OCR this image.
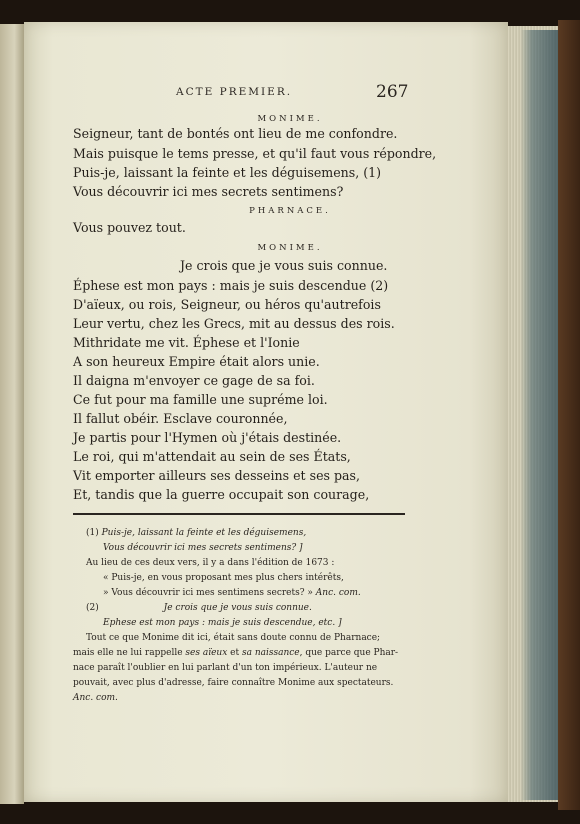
ACTE PREMIER.	267
MONIME.
Seigneur, tant de bontés ont lieu de me confondre.
Mais puisque le tems presse, et qu'il faut vous répondre,
Puis-je, laissant la feinte et les déguisemens, (1)
Vous découvrir ici mes secrets sentimens?
PHARNACE.
Vous pouvez tout.
MONIME.
Je crois que je vous suis connue.
Éphese est mon pays : mais je suis descendue (2)
D'aïeux, ou rois, Seigneur, ou héros qu'autrefois
Leur vertu, chez les Grecs, mit au dessus des rois.
Mithridate me vit. Éphese et l'Ionie
A son heureux Empire était alors unie.
Il daigna m'envoyer ce gage de sa foi.
Ce fut pour ma famille une supréme loi.
Il fallut obéir. Esclave couronnée,
Je partis pour l'Hymen où j'étais destinée.
Le roi, qui m'attendait au sein de ses États,
Vit emporter ailleurs ses desseins et ses pas,
Et, tandis que la guerre occupait son courage,
(1) Puis-je, laissant la feinte et les déguisemens,
Vous découvrir ici mes secrets sentimens? ]
Au lieu de ces deux vers, il y a dans l'édition de 1673 :
« Puis-je, en vous proposant mes plus chers intérêts,
» Vous découvrir ici mes sentimens secrets? » Anc. com.
(2)	Je crois que je vous suis connue.
Ephese est mon pays : mais je suis descendue, etc. ]
Tout ce que Monime dit ici, était sans doute connu de Pharnace;
mais elle ne lui rappelle ses aïeux et sa naissance, que parce que Phar-
nace paraît l'oublier en lui parlant d'un ton impérieux. L'auteur ne
pouvait, avec plus d'adresse, faire connaître Monime aux spectateurs.
Anc. com.
